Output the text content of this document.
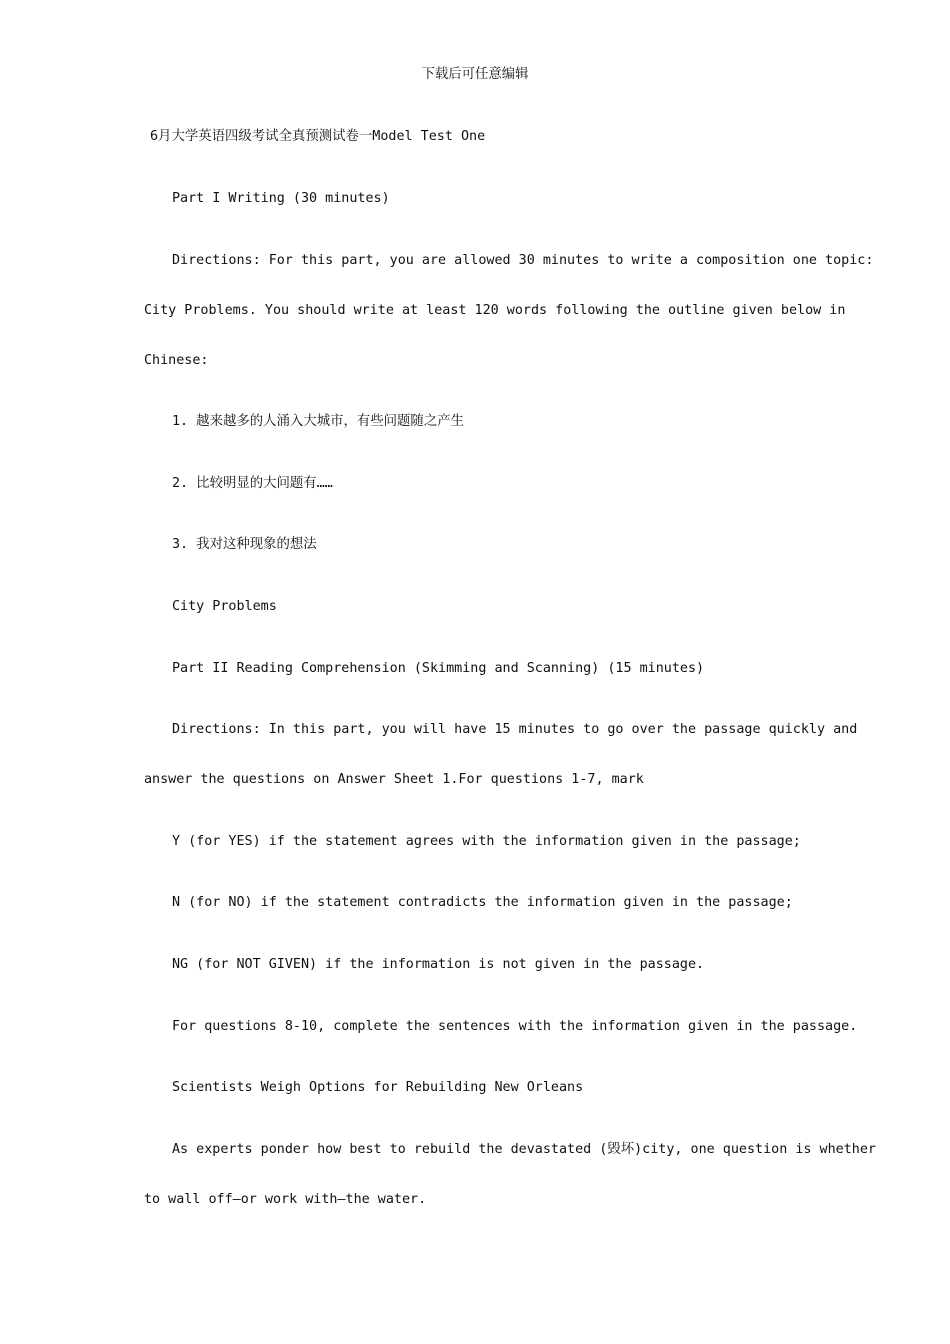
下载后可任意编辑
6月大学英语四级考试全真预测试卷一Model Test One
Part I Writing (30 minutes)
Directions: For this part, you are allowed 30 minutes to write a composition one topic:
City Problems. You should write at least 120 words following the outline given below in
Chinese:
1. 越来越多的人涌入大城市，有些问题随之产生
2. 比较明显的大问题有……
3. 我对这种现象的想法
City Problems
Part II Reading Comprehension (Skimming and Scanning) (15 minutes)
Directions: In this part, you will have 15 minutes to go over the passage quickly and
answer the questions on Answer Sheet 1.For questions 1-7, mark
Y (for YES) if the statement agrees with the information given in the passage;
N (for NO) if the statement contradicts the information given in the passage;
NG (for NOT GIVEN) if the information is not given in the passage.
For questions 8-10, complete the sentences with the information given in the passage.
Scientists Weigh Options for Rebuilding New Orleans
As experts ponder how best to rebuild the devastated (毁坏)city, one question is whether
to wall off—or work with—the water.
